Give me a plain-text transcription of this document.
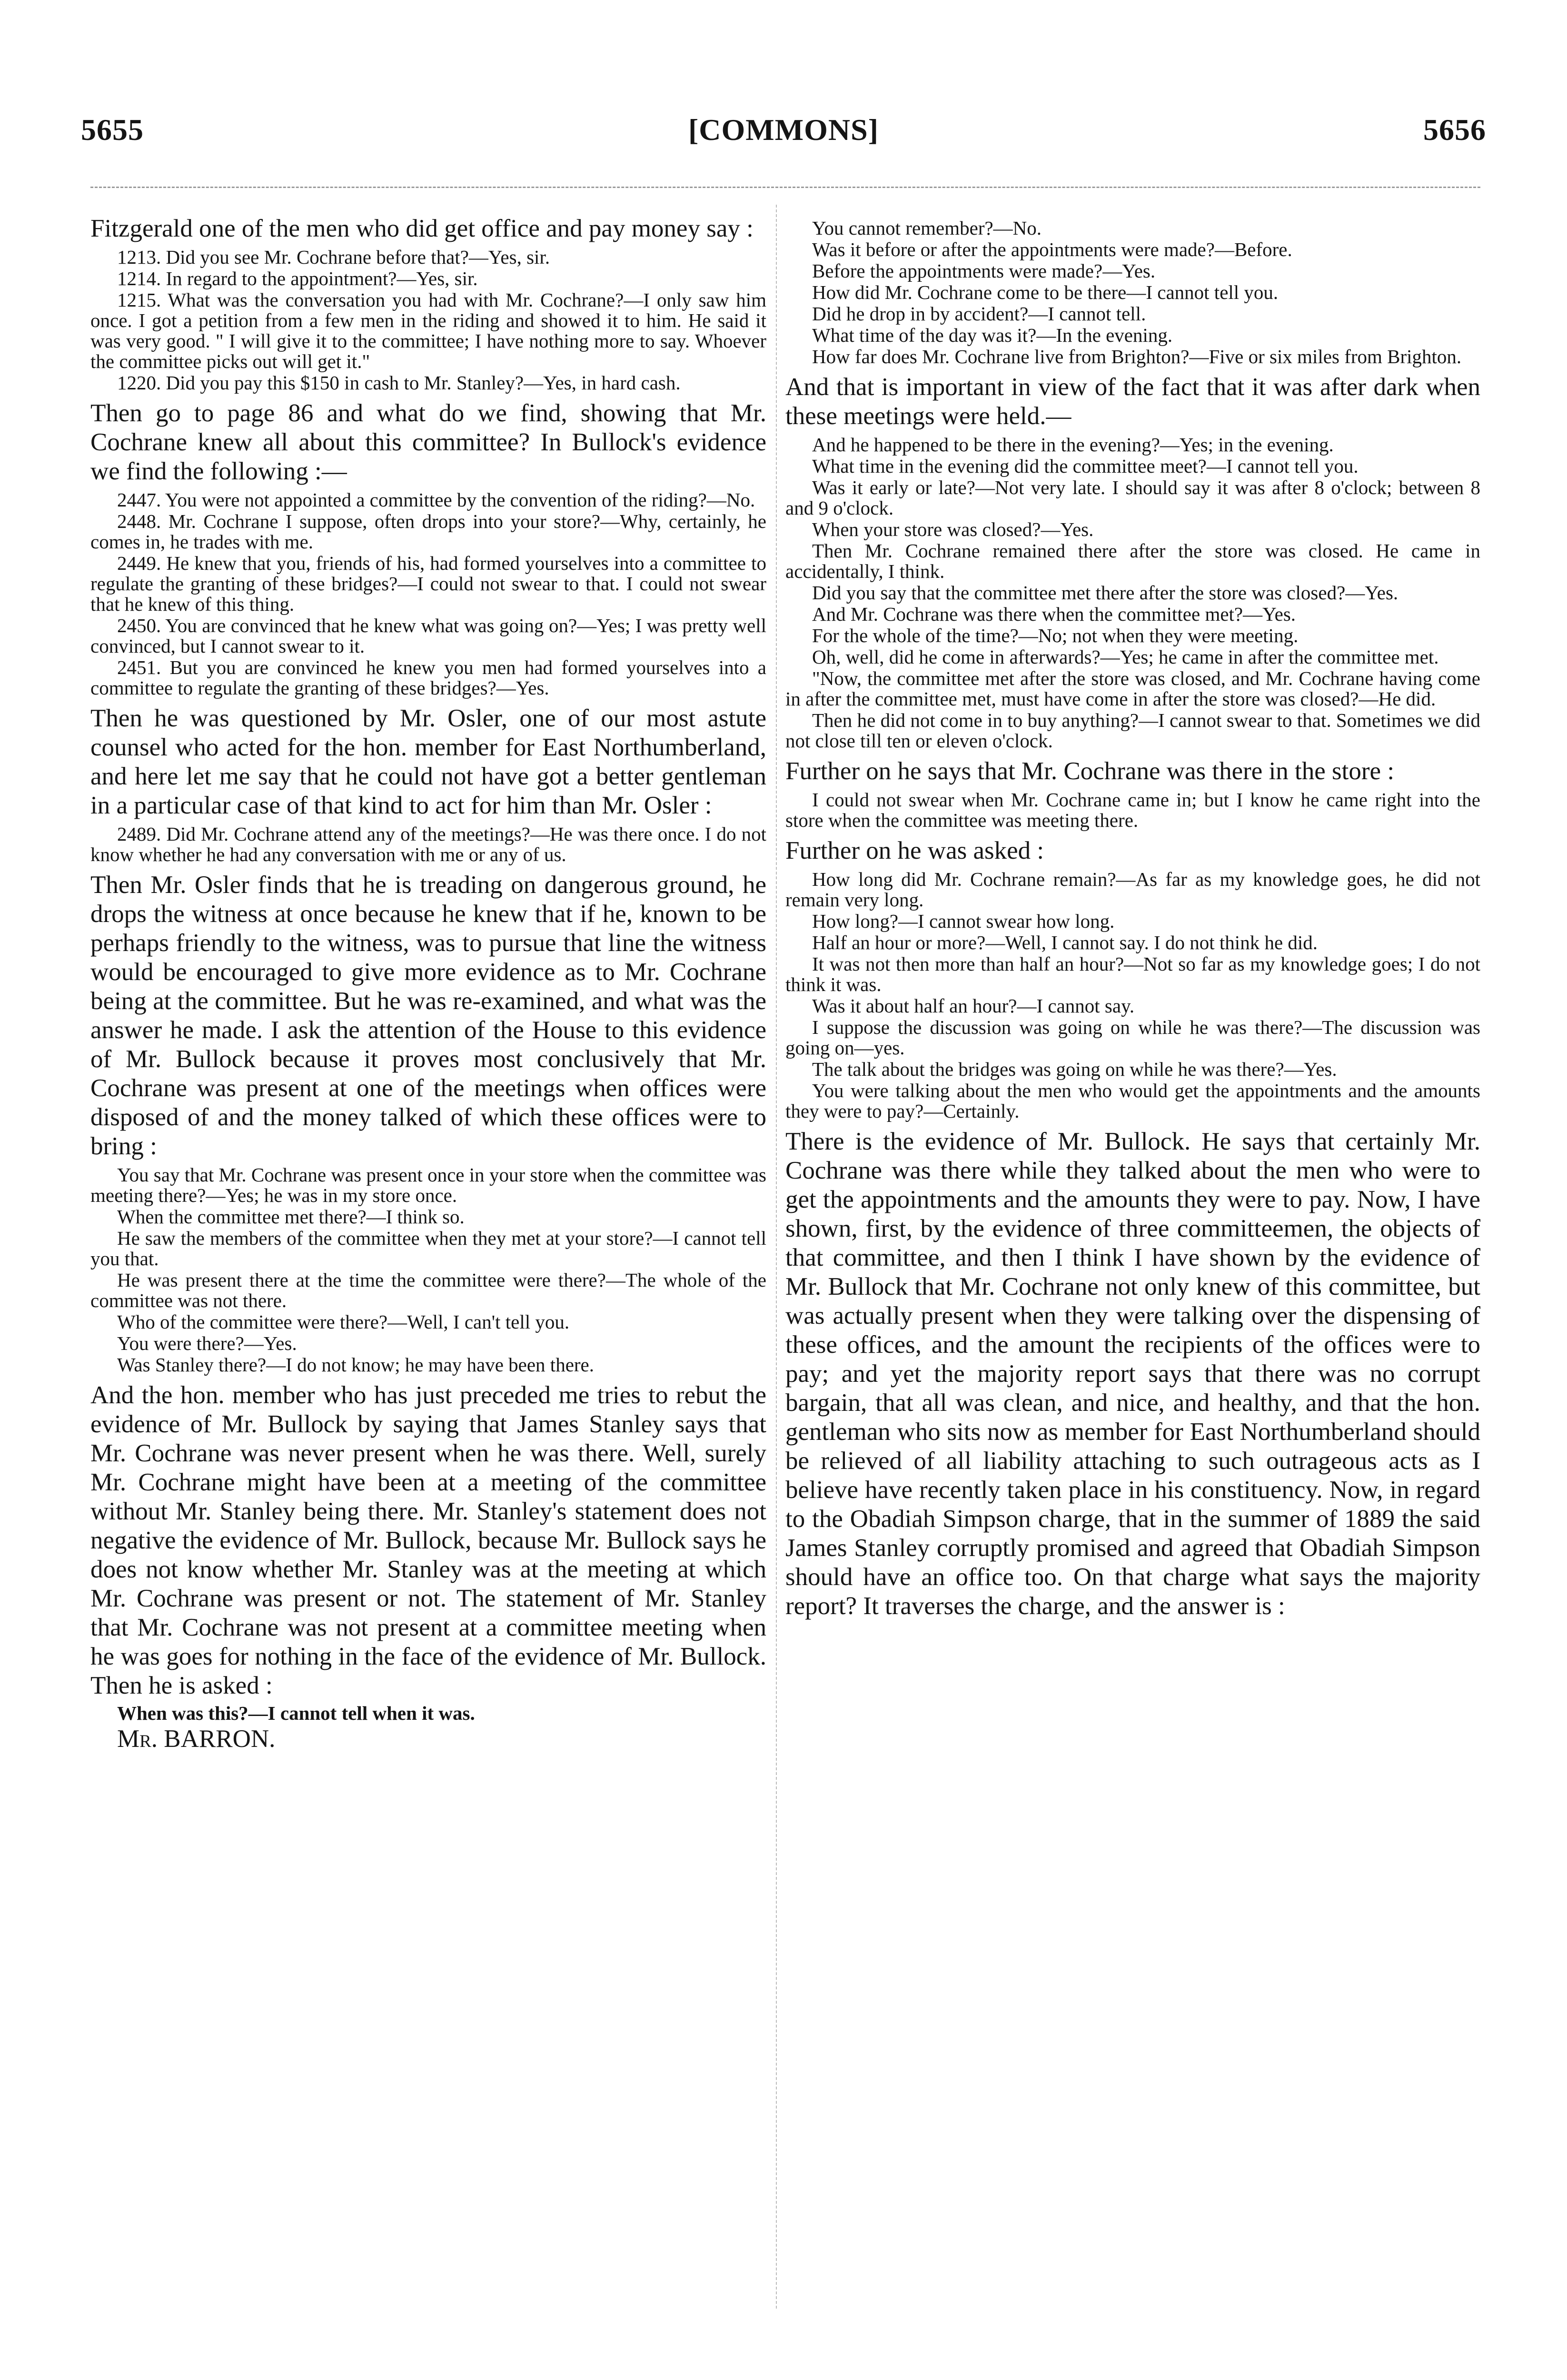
5655	[COMMONS]	5656

Fitzgerald one of the men who did get office and pay money say :

1213. Did you see Mr. Cochrane before that?—Yes, sir.

1214. In regard to the appointment?—Yes, sir.

1215. What was the conversation you had with Mr. Cochrane?—I only saw him once. I got a petition from a few men in the riding and showed it to him. He said it was very good. " I will give it to the committee; I have nothing more to say. Whoever the committee picks out will get it."

1220. Did you pay this $150 in cash to Mr. Stanley?—Yes, in hard cash.

Then go to page 86 and what do we find, showing that Mr. Cochrane knew all about this committee? In Bullock's evidence we find the following :—

2447. You were not appointed a committee by the convention of the riding?—No.

2448. Mr. Cochrane I suppose, often drops into your store?—Why, certainly, he comes in, he trades with me.

2449. He knew that you, friends of his, had formed yourselves into a committee to regulate the granting of these bridges?—I could not swear to that. I could not swear that he knew of this thing.

2450. You are convinced that he knew what was going on?—Yes; I was pretty well convinced, but I cannot swear to it.

2451. But you are convinced he knew you men had formed yourselves into a committee to regulate the granting of these bridges?—Yes.

Then he was questioned by Mr. Osler, one of our most astute counsel who acted for the hon. member for East Northumberland, and here let me say that he could not have got a better gentleman in a particular case of that kind to act for him than Mr. Osler :

2489. Did Mr. Cochrane attend any of the meetings?—He was there once. I do not know whether he had any conversation with me or any of us.

Then Mr. Osler finds that he is treading on dangerous ground, he drops the witness at once because he knew that if he, known to be perhaps friendly to the witness, was to pursue that line the witness would be encouraged to give more evidence as to Mr. Cochrane being at the committee. But he was re-examined, and what was the answer he made. I ask the attention of the House to this evidence of Mr. Bullock because it proves most conclusively that Mr. Cochrane was present at one of the meetings when offices were disposed of and the money talked of which these offices were to bring :

You say that Mr. Cochrane was present once in your store when the committee was meeting there?—Yes; he was in my store once.

When the committee met there?—I think so.

He saw the members of the committee when they met at your store?—I cannot tell you that.

He was present there at the time the committee were there?—The whole of the committee was not there.

Who of the committee were there?—Well, I can't tell you.

You were there?—Yes.

Was Stanley there?—I do not know; he may have been there.

And the hon. member who has just preceded me tries to rebut the evidence of Mr. Bullock by saying that James Stanley says that Mr. Cochrane was never present when he was there. Well, surely Mr. Cochrane might have been at a meeting of the committee without Mr. Stanley being there. Mr. Stanley's statement does not negative the evidence of Mr. Bullock, because Mr. Bullock says he does not know whether Mr. Stanley was at the meeting at which Mr. Cochrane was present or not. The statement of Mr. Stanley that Mr. Cochrane was not present at a committee meeting when he was goes for nothing in the face of the evidence of Mr. Bullock. Then he is asked :

When was this?—I cannot tell when it was.

Mr. BARRON.

You cannot remember?—No.

Was it before or after the appointments were made?—Before.

Before the appointments were made?—Yes.

How did Mr. Cochrane come to be there—I cannot tell you.

Did he drop in by accident?—I cannot tell.

What time of the day was it?—In the evening.

How far does Mr. Cochrane live from Brighton?—Five or six miles from Brighton.

And that is important in view of the fact that it was after dark when these meetings were held.—

And he happened to be there in the evening?—Yes; in the evening.

What time in the evening did the committee meet?—I cannot tell you.

Was it early or late?—Not very late. I should say it was after 8 o'clock; between 8 and 9 o'clock.

When your store was closed?—Yes.

Then Mr. Cochrane remained there after the store was closed. He came in accidentally, I think.

Did you say that the committee met there after the store was closed?—Yes.

And Mr. Cochrane was there when the committee met?—Yes.

For the whole of the time?—No; not when they were meeting.

Oh, well, did he come in afterwards?—Yes; he came in after the committee met.

"Now, the committee met after the store was closed, and Mr. Cochrane having come in after the committee met, must have come in after the store was closed?—He did.

Then he did not come in to buy anything?—I cannot swear to that. Sometimes we did not close till ten or eleven o'clock.

Further on he says that Mr. Cochrane was there in the store :

I could not swear when Mr. Cochrane came in; but I know he came right into the store when the committee was meeting there.

Further on he was asked :

How long did Mr. Cochrane remain?—As far as my knowledge goes, he did not remain very long.

How long?—I cannot swear how long.

Half an hour or more?—Well, I cannot say. I do not think he did.

It was not then more than half an hour?—Not so far as my knowledge goes; I do not think it was.

Was it about half an hour?—I cannot say.

I suppose the discussion was going on while he was there?—The discussion was going on—yes.

The talk about the bridges was going on while he was there?—Yes.

You were talking about the men who would get the appointments and the amounts they were to pay?—Certainly.

There is the evidence of Mr. Bullock. He says that certainly Mr. Cochrane was there while they talked about the men who were to get the appointments and the amounts they were to pay. Now, I have shown, first, by the evidence of three committeemen, the objects of that committee, and then I think I have shown by the evidence of Mr. Bullock that Mr. Cochrane not only knew of this committee, but was actually present when they were talking over the dispensing of these offices, and the amount the recipients of the offices were to pay; and yet the majority report says that there was no corrupt bargain, that all was clean, and nice, and healthy, and that the hon. gentleman who sits now as member for East Northumberland should be relieved of all liability attaching to such outrageous acts as I believe have recently taken place in his constituency. Now, in regard to the Obadiah Simpson charge, that in the summer of 1889 the said James Stanley corruptly promised and agreed that Obadiah Simpson should have an office too. On that charge what says the majority report? It traverses the charge, and the answer is :
